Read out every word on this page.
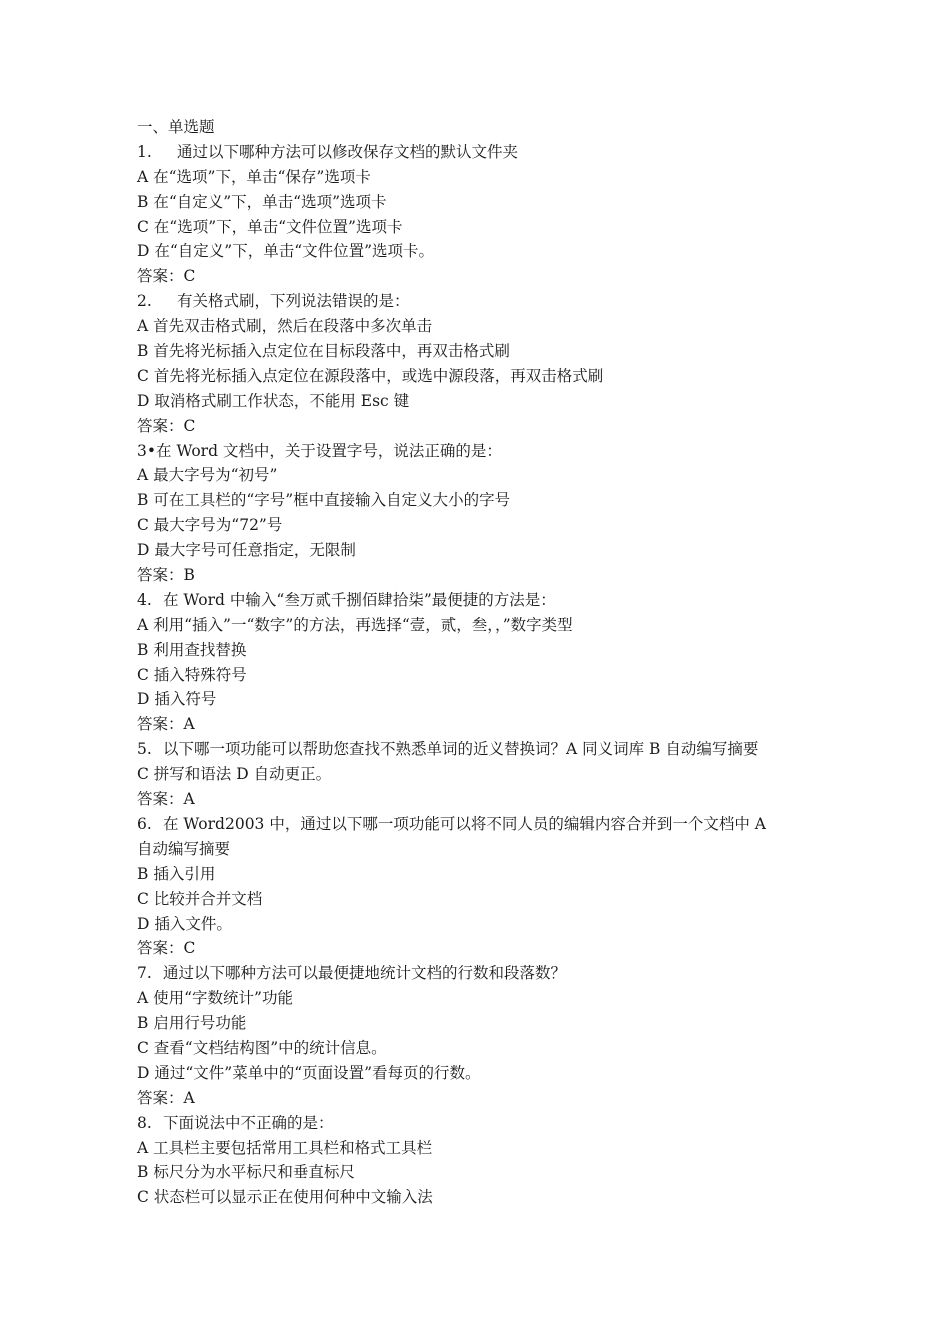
一、单选题
1. 通过以下哪种方法可以修改保存文档的默认文件夹
A 在“选项”下，单击“保存”选项卡
B 在“自定义”下，单击“选项”选项卡
C 在“选项”下，单击“文件位置”选项卡
D 在“自定义”下，单击“文件位置”选项卡。
答案：C
2. 有关格式刷，下列说法错误的是：
A 首先双击格式刷，然后在段落中多次单击
B 首先将光标插入点定位在目标段落中，再双击格式刷
C 首先将光标插入点定位在源段落中，或选中源段落，再双击格式刷
D 取消格式刷工作状态，不能用 Esc 键
答案：C
3•在 Word 文档中，关于设置字号，说法正确的是：
A 最大字号为“初号”
B 可在工具栏的“字号”框中直接输入自定义大小的字号
C 最大字号为“72”号
D 最大字号可任意指定，无限制
答案：B
4. 在 Word 中输入“叁万贰千捌佰肆拾柒”最便捷的方法是：
A 利用“插入”一“数字”的方法，再选择“壹，贰，叁，，”数字类型
B 利用查找替换
C 插入特殊符号
D 插入符号
答案：A
5. 以下哪一项功能可以帮助您查找不熟悉单词的近义替换词？A 同义词库 B 自动编写摘要
C 拼写和语法 D 自动更正。
答案：A
6. 在 Word2003 中，通过以下哪一项功能可以将不同人员的编辑内容合并到一个文档中 A
自动编写摘要
B 插入引用
C 比较并合并文档
D 插入文件。
答案：C
7. 通过以下哪种方法可以最便捷地统计文档的行数和段落数？
A 使用“字数统计”功能
B 启用行号功能
C 查看“文档结构图”中的统计信息。
D 通过“文件”菜单中的“页面设置”看每页的行数。
答案：A
8. 下面说法中不正确的是：
A 工具栏主要包括常用工具栏和格式工具栏
B 标尺分为水平标尺和垂直标尺
C 状态栏可以显示正在使用何种中文输入法
